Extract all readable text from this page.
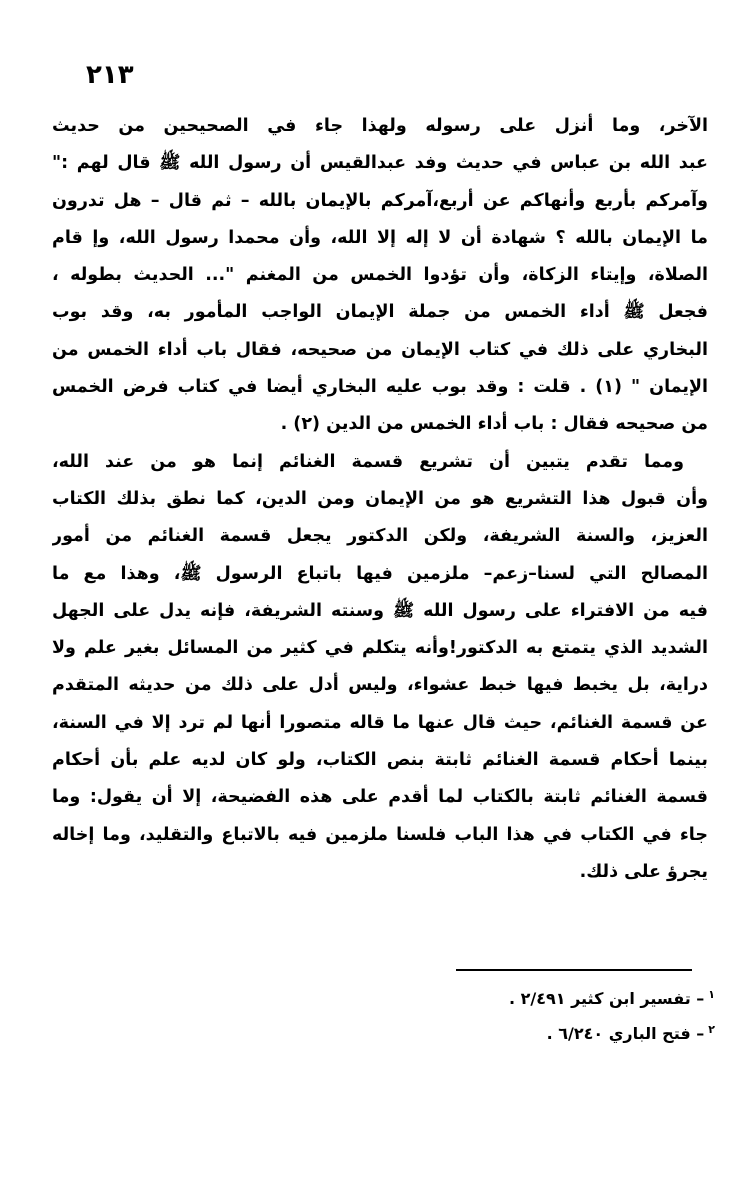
٢١٣
الآخر، وما أنزل على رسوله ولهذا جاء في الصحيحين من حديث
عبد الله بن عباس في حديث وفد عبدالقيس أن رسول الله ﷺ قال لهم :"
وآمركم بأربع وأنهاكم عن أربع،آمركم بالإيمان بالله – ثم قال – هل تدرون
ما الإيمان بالله ؟ شهادة أن لا إله إلا الله، وأن محمدا رسول الله، وإ قام
الصلاة، وإيتاء الزكاة، وأن تؤدوا الخمس من المغنم "... الحديث بطوله ،
فجعل ﷺ أداء الخمس من جملة الإيمان الواجب المأمور به، وقد بوب
البخاري على ذلك في كتاب الإيمان من صحيحه، فقال باب أداء الخمس من
الإيمان " (١) . قلت : وقد بوب عليه البخاري أيضا في كتاب فرض الخمس
من صحيحه فقال : باب أداء الخمس من الدين (٢) .
ومما تقدم يتبين أن تشريع قسمة الغنائم إنما هو من عند الله،
وأن قبول هذا التشريع هو من الإيمان ومن الدين، كما نطق بذلك الكتاب
العزيز، والسنة الشريفة، ولكن الدكتور يجعل قسمة الغنائم من أمور
المصالح التي لسنا–زعم– ملزمين فيها باتباع الرسول ﷺ، وهذا مع ما
فيه من الافتراء على رسول الله ﷺ وسنته الشريفة، فإنه يدل على الجهل
الشديد الذي يتمتع به الدكتور!وأنه يتكلم في كثير من المسائل بغير علم ولا
دراية، بل يخبط فيها خبط عشواء، وليس أدل على ذلك من حديثه المتقدم
عن قسمة الغنائم، حيث قال عنها ما قاله متصورا أنها لم ترد إلا في السنة،
بينما أحكام قسمة الغنائم ثابتة بنص الكتاب، ولو كان لديه علم بأن أحكام
قسمة الغنائم ثابتة بالكتاب لما أقدم على هذه الفضيحة، إلا أن يقول: وما
جاء في الكتاب في هذا الباب فلسنا ملزمين فيه بالاتباع والتقليد، وما إخاله
يجرؤ على ذلك.
$^١$– تفسير ابن كثير ٢/٤٩١ .
$^٢$– فتح الباري ٦/٢٤٠ .
